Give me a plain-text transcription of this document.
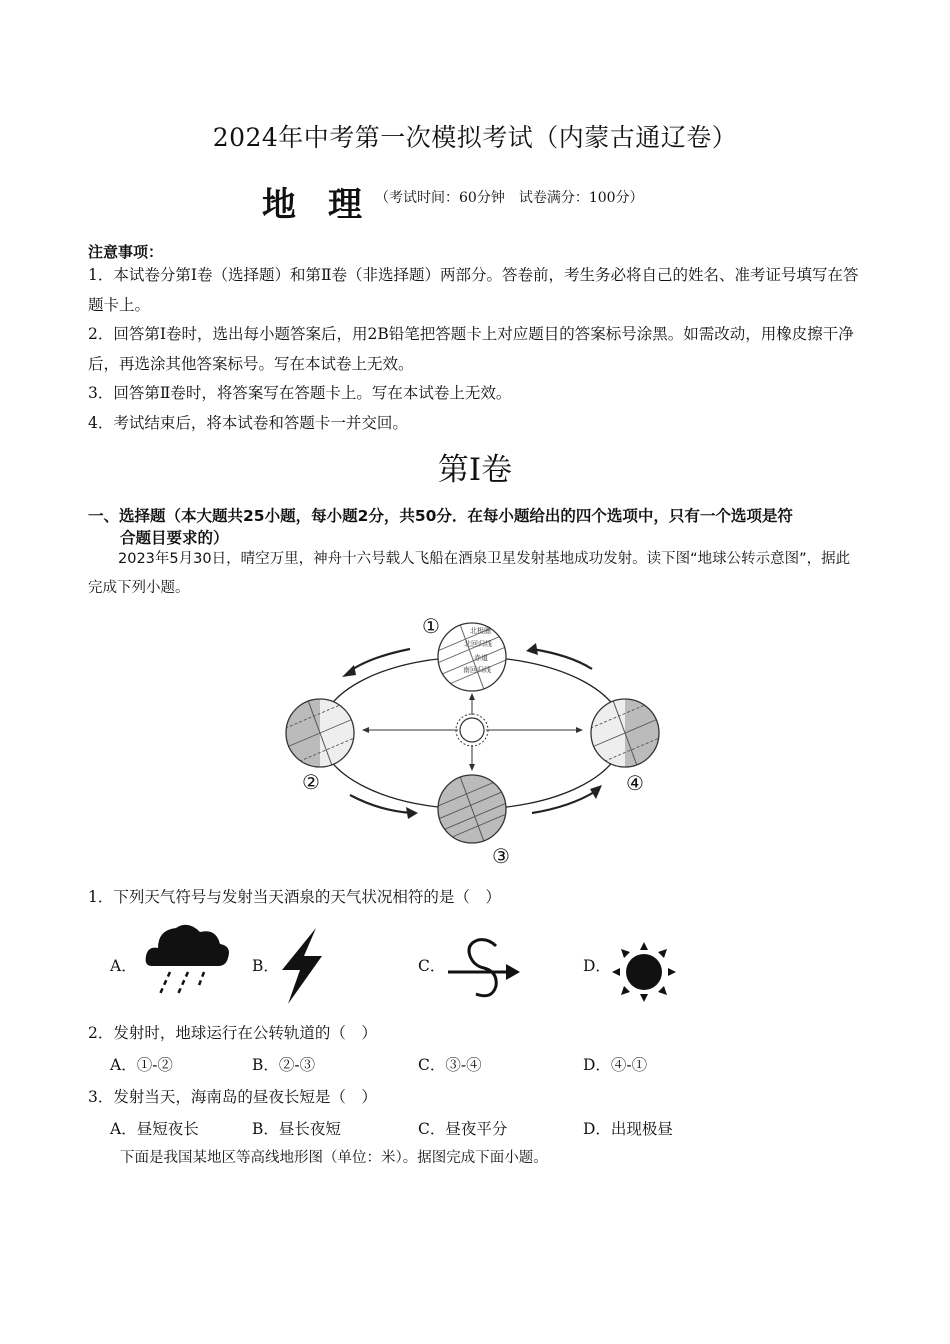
2024年中考第一次模拟考试（内蒙古通辽卷）
地理
（考试时间：60分钟　试卷满分：100分）
注意事项：
1．本试卷分第Ⅰ卷（选择题）和第Ⅱ卷（非选择题）两部分。答卷前，考生务必将自己的姓名、准考证号填写在答题卡上。
2．回答第Ⅰ卷时，选出每小题答案后，用2B铅笔把答题卡上对应题目的答案标号涂黑。如需改动，用橡皮擦干净后，再选涂其他答案标号。写在本试卷上无效。
3．回答第Ⅱ卷时，将答案写在答题卡上。写在本试卷上无效。
4．考试结束后，将本试卷和答题卡一并交回。
第Ⅰ卷
一、选择题（本大题共25小题，每小题2分，共50分．在每小题给出的四个选项中，只有一个选项是符
合题目要求的）
2023年5月30日，晴空万里，神舟十六号载人飞船在酒泉卫星发射基地成功发射。读下图“地球公转示意图”，据此完成下列小题。
北极圈
北回归线
赤道
南回归线
①
②
③
④
1．下列天气符号与发射当天酒泉的天气状况相符的是（　）
A．	B．	C．	D．
2．发射时，地球运行在公转轨道的（　）
A．①-②	B．②-③	C．③-④	D．④-①
3．发射当天，海南岛的昼夜长短是（　）
A．昼短夜长	B．昼长夜短	C．昼夜平分	D．出现极昼
下面是我国某地区等高线地形图（单位：米）。据图完成下面小题。
